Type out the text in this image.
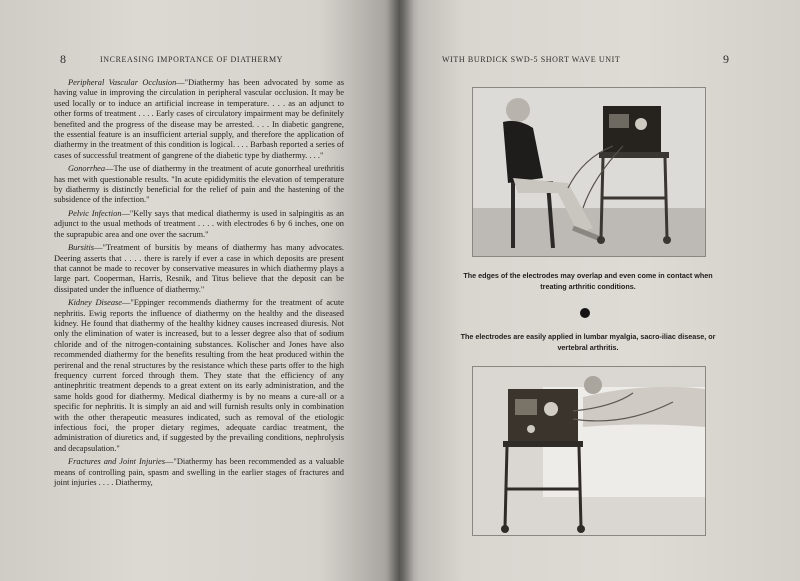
8	INCREASING IMPORTANCE OF DIATHERMY

Peripheral Vascular Occlusion—"Diathermy has been advocated by some as having value in improving the circulation in peripheral vascular occlusion. It may be used locally or to induce an artificial increase in temperature. . . . as an adjunct to other forms of treatment . . . . Early cases of circulatory impairment may be definitely benefited and the progress of the disease may be arrested. . . . In diabetic gangrene, the essential feature is an insufficient arterial supply, and therefore the application of diathermy in the treatment of this condition is logical. . . . Barbash reported a series of cases of successful treatment of gangrene of the diabetic type by diathermy. . . ."

Gonorrhea—The use of diathermy in the treatment of acute gonorrheal urethritis has met with questionable results. "In acute epididymitis the elevation of temperature by diathermy is distinctly beneficial for the relief of pain and the hastening of the subsidence of the infection."

Pelvic Infection—"Kelly says that medical diathermy is used in salpingitis as an adjunct to the usual methods of treatment . . . . with electrodes 6 by 6 inches, one on the suprapubic area and one over the sacrum."

Bursitis—"Treatment of bursitis by means of diathermy has many advocates. Deering asserts that . . . . there is rarely if ever a case in which deposits are present that cannot be made to recover by conservative measures in which diathermy plays a large part. Cooperman, Harris, Resnik, and Titus believe that the deposit can be dissipated under the influence of diathermy."

Kidney Disease—"Eppinger recommends diathermy for the treatment of acute nephritis. Ewig reports the influence of diathermy on the healthy and the diseased kidney. He found that diathermy of the healthy kidney causes increased diuresis. Not only the elimination of water is increased, but to a lesser degree also that of sodium chloride and of the nitrogen-containing substances. Kolischer and Jones have also recommended diathermy for the benefits resulting from the heat produced within the perirenal and the renal structures by the resistance which these parts offer to the high frequency current forced through them. They state that the efficiency of any antinephritic treatment depends to a great extent on its early administration, and the same holds good for diathermy. Medical diathermy is by no means a cure-all or a specific for nephritis. It is simply an aid and will furnish results only in combination with the other therapeutic measures indicated, such as removal of the etiologic infectious foci, the proper dietary regimes, adequate cardiac treatment, the administration of diuretics and, if suggested by the prevailing conditions, nephrolysis and decapsulation."

Fractures and Joint Injuries—"Diathermy has been recommended as a valuable means of controlling pain, spasm and swelling in the earlier stages of fractures and joint injuries . . . . Diathermy,

WITH BURDICK SWD-5 SHORT WAVE UNIT	9
The edges of the electrodes may overlap and even come in contact when treating arthritic conditions.
The electrodes are easily applied in lumbar myalgia, sacro-iliac disease, or vertebral arthritis.
